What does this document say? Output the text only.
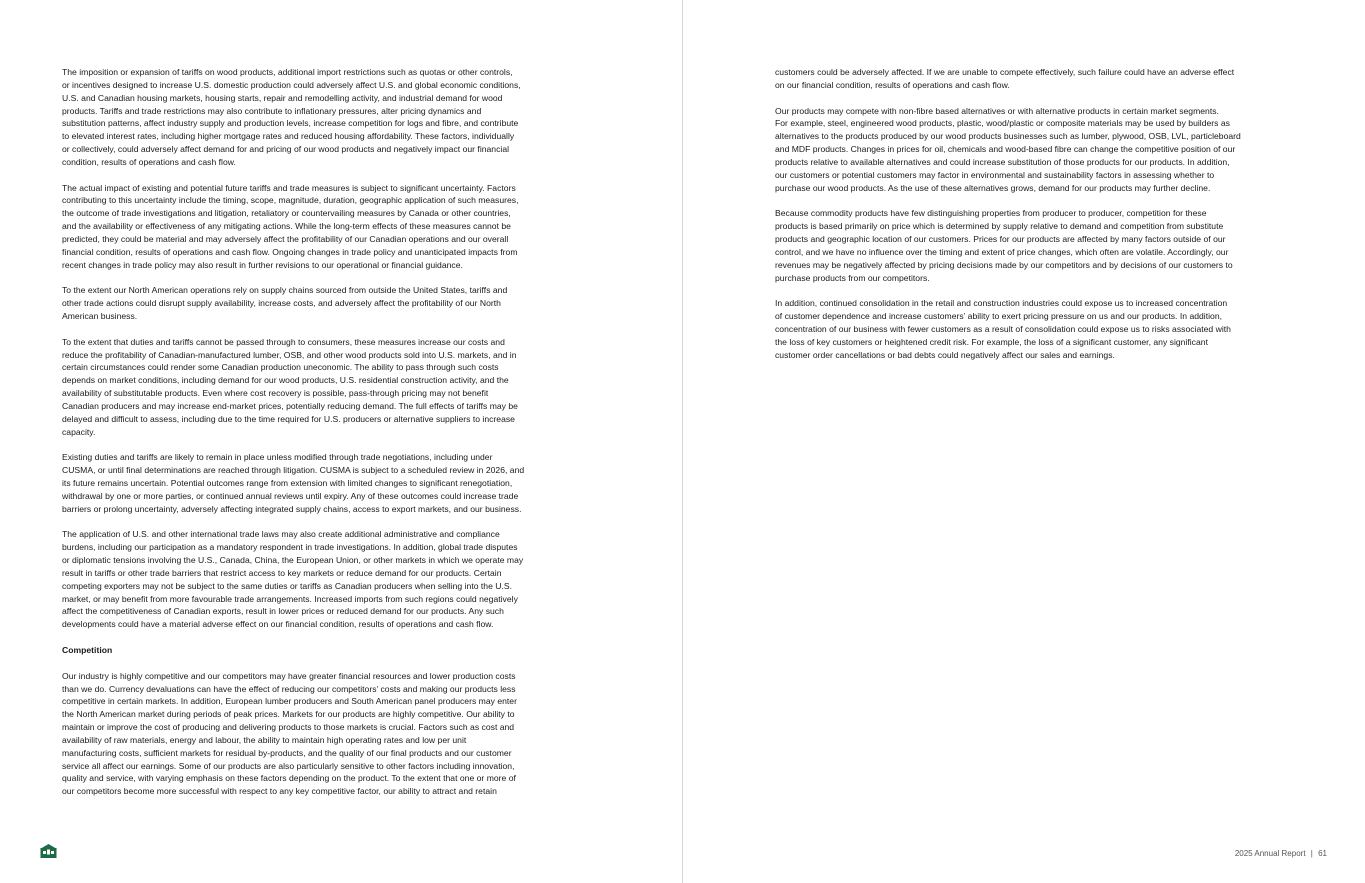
The imposition or expansion of tariffs on wood products, additional import restrictions such as quotas or other controls,
or incentives designed to increase U.S. domestic production could adversely affect U.S. and global economic conditions,
U.S. and Canadian housing markets, housing starts, repair and remodelling activity, and industrial demand for wood
products. Tariffs and trade restrictions may also contribute to inflationary pressures, alter pricing dynamics and
substitution patterns, affect industry supply and production levels, increase competition for logs and fibre, and contribute
to elevated interest rates, including higher mortgage rates and reduced housing affordability. These factors, individually
or collectively, could adversely affect demand for and pricing of our wood products and negatively impact our financial
condition, results of operations and cash flow.

The actual impact of existing and potential future tariffs and trade measures is subject to significant uncertainty. Factors
contributing to this uncertainty include the timing, scope, magnitude, duration, geographic application of such measures,
the outcome of trade investigations and litigation, retaliatory or countervailing measures by Canada or other countries,
and the availability or effectiveness of any mitigating actions. While the long-term effects of these measures cannot be
predicted, they could be material and may adversely affect the profitability of our Canadian operations and our overall
financial condition, results of operations and cash flow. Ongoing changes in trade policy and unanticipated impacts from
recent changes in trade policy may also result in further revisions to our operational or financial guidance.

To the extent our North American operations rely on supply chains sourced from outside the United States, tariffs and
other trade actions could disrupt supply availability, increase costs, and adversely affect the profitability of our North
American business.

To the extent that duties and tariffs cannot be passed through to consumers, these measures increase our costs and
reduce the profitability of Canadian-manufactured lumber, OSB, and other wood products sold into U.S. markets, and in
certain circumstances could render some Canadian production uneconomic. The ability to pass through such costs
depends on market conditions, including demand for our wood products, U.S. residential construction activity, and the
availability of substitutable products. Even where cost recovery is possible, pass-through pricing may not benefit
Canadian producers and may increase end-market prices, potentially reducing demand. The full effects of tariffs may be
delayed and difficult to assess, including due to the time required for U.S. producers or alternative suppliers to increase
capacity.

Existing duties and tariffs are likely to remain in place unless modified through trade negotiations, including under
CUSMA, or until final determinations are reached through litigation. CUSMA is subject to a scheduled review in 2026, and
its future remains uncertain. Potential outcomes range from extension with limited changes to significant renegotiation,
withdrawal by one or more parties, or continued annual reviews until expiry. Any of these outcomes could increase trade
barriers or prolong uncertainty, adversely affecting integrated supply chains, access to export markets, and our business.

The application of U.S. and other international trade laws may also create additional administrative and compliance
burdens, including our participation as a mandatory respondent in trade investigations. In addition, global trade disputes
or diplomatic tensions involving the U.S., Canada, China, the European Union, or other markets in which we operate may
result in tariffs or other trade barriers that restrict access to key markets or reduce demand for our products. Certain
competing exporters may not be subject to the same duties or tariffs as Canadian producers when selling into the U.S.
market, or may benefit from more favourable trade arrangements. Increased imports from such regions could negatively
affect the competitiveness of Canadian exports, result in lower prices or reduced demand for our products. Any such
developments could have a material adverse effect on our financial condition, results of operations and cash flow.

Competition

Our industry is highly competitive and our competitors may have greater financial resources and lower production costs
than we do. Currency devaluations can have the effect of reducing our competitors’ costs and making our products less
competitive in certain markets. In addition, European lumber producers and South American panel producers may enter
the North American market during periods of peak prices. Markets for our products are highly competitive. Our ability to
maintain or improve the cost of producing and delivering products to those markets is crucial. Factors such as cost and
availability of raw materials, energy and labour, the ability to maintain high operating rates and low per unit
manufacturing costs, sufficient markets for residual by-products, and the quality of our final products and our customer
service all affect our earnings. Some of our products are also particularly sensitive to other factors including innovation,
quality and service, with varying emphasis on these factors depending on the product. To the extent that one or more of
our competitors become more successful with respect to any key competitive factor, our ability to attract and retain

customers could be adversely affected. If we are unable to compete effectively, such failure could have an adverse effect
on our financial condition, results of operations and cash flow.

Our products may compete with non-fibre based alternatives or with alternative products in certain market segments.
For example, steel, engineered wood products, plastic, wood/plastic or composite materials may be used by builders as
alternatives to the products produced by our wood products businesses such as lumber, plywood, OSB, LVL, particleboard
and MDF products. Changes in prices for oil, chemicals and wood-based fibre can change the competitive position of our
products relative to available alternatives and could increase substitution of those products for our products. In addition,
our customers or potential customers may factor in environmental and sustainability factors in assessing whether to
purchase our wood products. As the use of these alternatives grows, demand for our products may further decline.

Because commodity products have few distinguishing properties from producer to producer, competition for these
products is based primarily on price which is determined by supply relative to demand and competition from substitute
products and geographic location of our customers. Prices for our products are affected by many factors outside of our
control, and we have no influence over the timing and extent of price changes, which often are volatile. Accordingly, our
revenues may be negatively affected by pricing decisions made by our competitors and by decisions of our customers to
purchase products from our competitors.

In addition, continued consolidation in the retail and construction industries could expose us to increased concentration
of customer dependence and increase customers’ ability to exert pricing pressure on us and our products. In addition,
concentration of our business with fewer customers as a result of consolidation could expose us to risks associated with
the loss of key customers or heightened credit risk. For example, the loss of a significant customer, any significant
customer order cancellations or bad debts could negatively affect our sales and earnings.

2025 Annual Report | 61
